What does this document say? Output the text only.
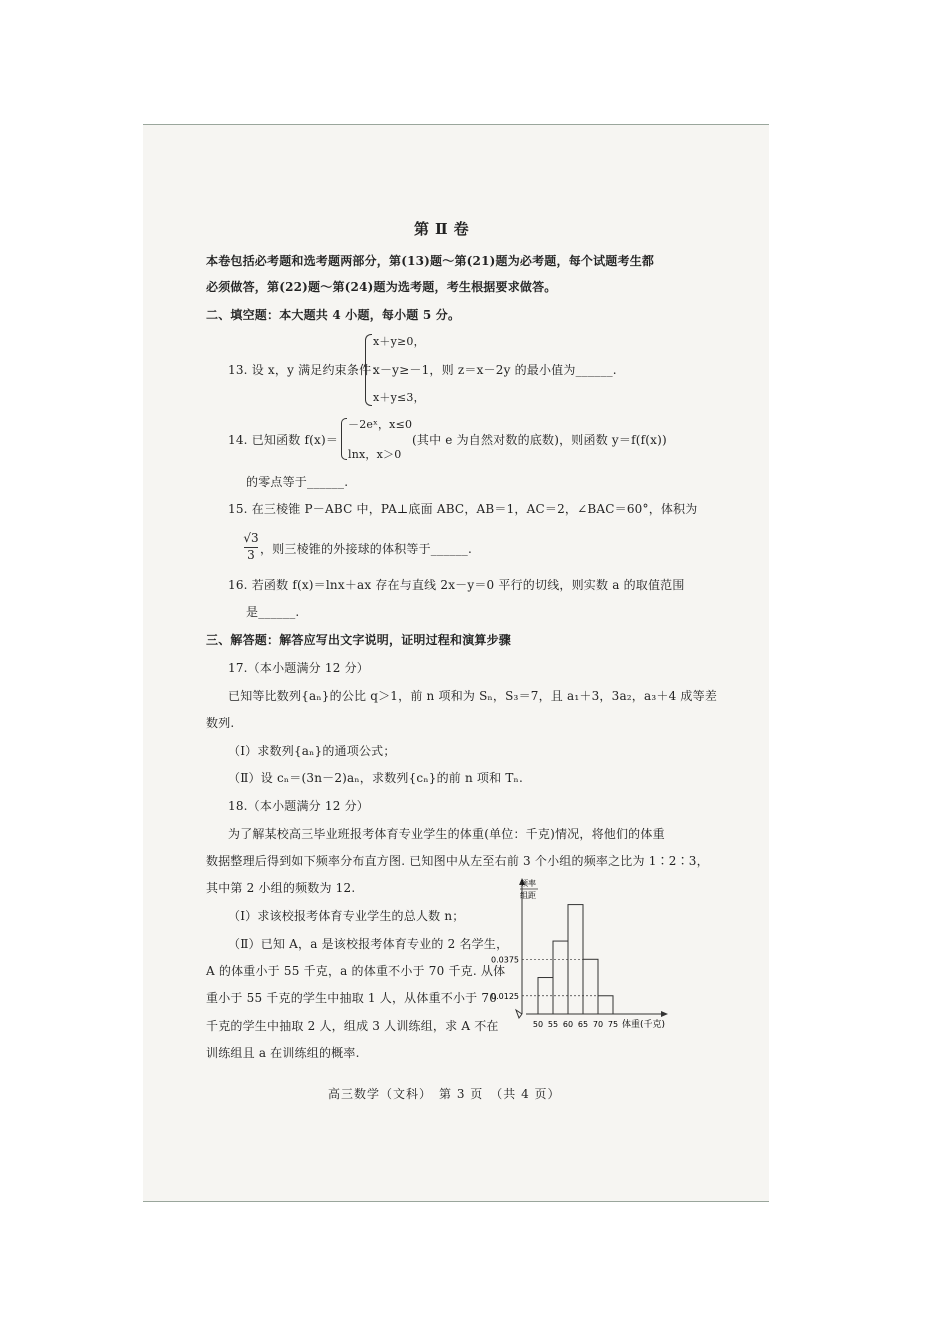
第Ⅱ卷
本卷包括必考题和选考题两部分，第(13)题～第(21)题为必考题，每个试题考生都
必须做答，第(22)题～第(24)题为选考题，考生根据要求做答。
二、填空题：本大题共 4 小题，每小题 5 分。
x＋y≥0，
13. 设 x，y 满足约束条件：
x－y≥－1，则 z＝x－2y 的最小值为______.
x＋y≤3，
－2eˣ，x≤0
14. 已知函数 f(x)＝	(其中 e 为自然对数的底数)，则函数 y＝f(f(x))
lnx，x＞0
的零点等于______.
15. 在三棱锥 P－ABC 中，PA⊥底面 ABC，AB＝1，AC＝2，∠BAC＝60°，体积为
√3
3 ，则三棱锥的外接球的体积等于______.
16. 若函数 f(x)＝lnx＋ax 存在与直线 2x－y＝0 平行的切线，则实数 a 的取值范围
是______.
三、解答题：解答应写出文字说明，证明过程和演算步骤
17.（本小题满分 12 分）
已知等比数列{aₙ}的公比 q＞1，前 n 项和为 Sₙ，S₃＝7，且 a₁＋3，3a₂，a₃＋4 成等差
数列.
（Ⅰ）求数列{aₙ}的通项公式；
（Ⅱ）设 cₙ＝(3n－2)aₙ，求数列{cₙ}的前 n 项和 Tₙ.
18.（本小题满分 12 分）
为了解某校高三毕业班报考体育专业学生的体重(单位：千克)情况，将他们的体重
数据整理后得到如下频率分布直方图. 已知图中从左至右前 3 个小组的频率之比为 1∶2∶3，
其中第 2 小组的频数为 12.
（Ⅰ）求该校报考体育专业学生的总人数 n；
（Ⅱ）已知 A，a 是该校报考体育专业的 2 名学生，
A 的体重小于 55 千克，a 的体重不小于 70 千克. 从体
重小于 55 千克的学生中抽取 1 人，从体重不小于 70
千克的学生中抽取 2 人，组成 3 人训练组，求 A 不在
训练组且 a 在训练组的概率.
频率
组距
体重(千克)
0.0375
0.0125
50 55 60 65 70 75
高三数学（文科）　第 3 页　（共 4 页）
